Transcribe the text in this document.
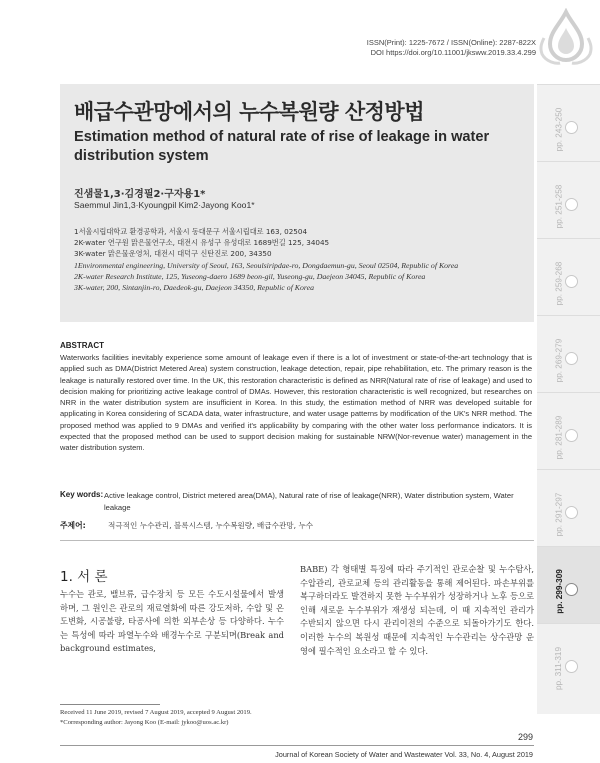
ISSN(Print): 1225-7672 / ISSN(Online): 2287-822X
DOI https://doi.org/10.11001/jksww.2019.33.4.299
배급수관망에서의 누수복원량 산정방법
Estimation method of natural rate of rise of leakage in water distribution system
진샘물1,3·김경필2·구자용1*
Saemmul Jin1,3·Kyoungpil Kim2·Jayong Koo1*
1서울시립대학교 환경공학과, 서울시 동대문구 서울시립대로 163, 02504
2K-water 연구원 맑은물연구소, 대전시 유성구 유성대로 1689번길 125, 34045
3K-water 맑은물운영처, 대전시 대덕구 신탄진로 200, 34350
1Environmental engineering, University of Seoul, 163, Seoulsiripdae-ro, Dongdaemun-gu, Seoul 02504, Republic of Korea
2K-water Research Institute, 125, Yuseong-daero 1689 beon-gil, Yuseong-gu, Daejeon 34045, Republic of Korea
3K-water, 200, Sintanjin-ro, Daedeok-gu, Daejeon 34350, Republic of Korea
ABSTRACT
Waterworks facilities inevitably experience some amount of leakage even if there is a lot of investment or state-of-the-art technology that is applied such as DMA(District Metered Area) system construction, leakage detection, repair, pipe rehabilitation, etc. The primary reason is the leakage is naturally restored over time. In the UK, this restoration characteristic is defined as NRR(Natural rate of rise of leakage) and used to decision making for prioritizing active leakage control of DMAs. However, this restoration characteristic is well recognized, but researches on NRR in the water distribution system are insufficient in Korea. In this study, the estimation method of NRR was developed suitable for applicating in Korea considering of SCADA data, water infrastructure, and water usage patterns by modification of the UK's NRR method. The proposed method was applied to 9 DMAs and verified it's applicability by comparing with the other water loss performance indicators. It is expected that the proposed method can be used to support decision making for sustainable NRW(Nor-revenue water) management in the water distribution system.
Key words: Active leakage control, District metered area(DMA), Natural rate of rise of leakage(NRR), Water distribution system, Water leakage
주제어:	적극적인 누수관리, 블록시스템, 누수복원량, 배급수관망, 누수
1. 서 론
누수는 관로, 밸브류, 급수장치 등 모든 수도시설물에서 발생하며, 그 원인은 관로의 재료열화에 따른 강도저하, 수압 및 온도변화, 시공불량, 타공사에 의한 외부손상 등 다양하다. 누수는 특성에 따라 파열누수와 배경누수로 구분되며(Break and background estimates,
BABE) 각 형태별 특징에 따라 주기적인 관로순찰 및 누수탐사, 수압관리, 관로교체 등의 관리활동을 통해 제어된다. 파손부위를 복구하더라도 발견하지 못한 누수부위가 성장하거나 노후 등으로 인해 새로운 누수부위가 재생성 되는데, 이 때 지속적인 관리가 수반되지 않으면 다시 관리이전의 수준으로 되돌아가기도 한다. 이러한 누수의 복원성 때문에 지속적인 누수관리는 상수관망 운영에 필수적인 요소라고 할 수 있다.
Received 11 June 2019, revised 7 August 2019, accepted 9 August 2019.
*Corresponding author: Jayong Koo (E-mail: jykoo@uos.ac.kr)
299
Journal of Korean Society of Water and Wastewater Vol. 33, No. 4, August 2019
pp. 243-250
pp. 251-258
pp. 259-268
pp. 269-279
pp. 281-289
pp. 291-297
pp. 299-309
pp. 311-319
